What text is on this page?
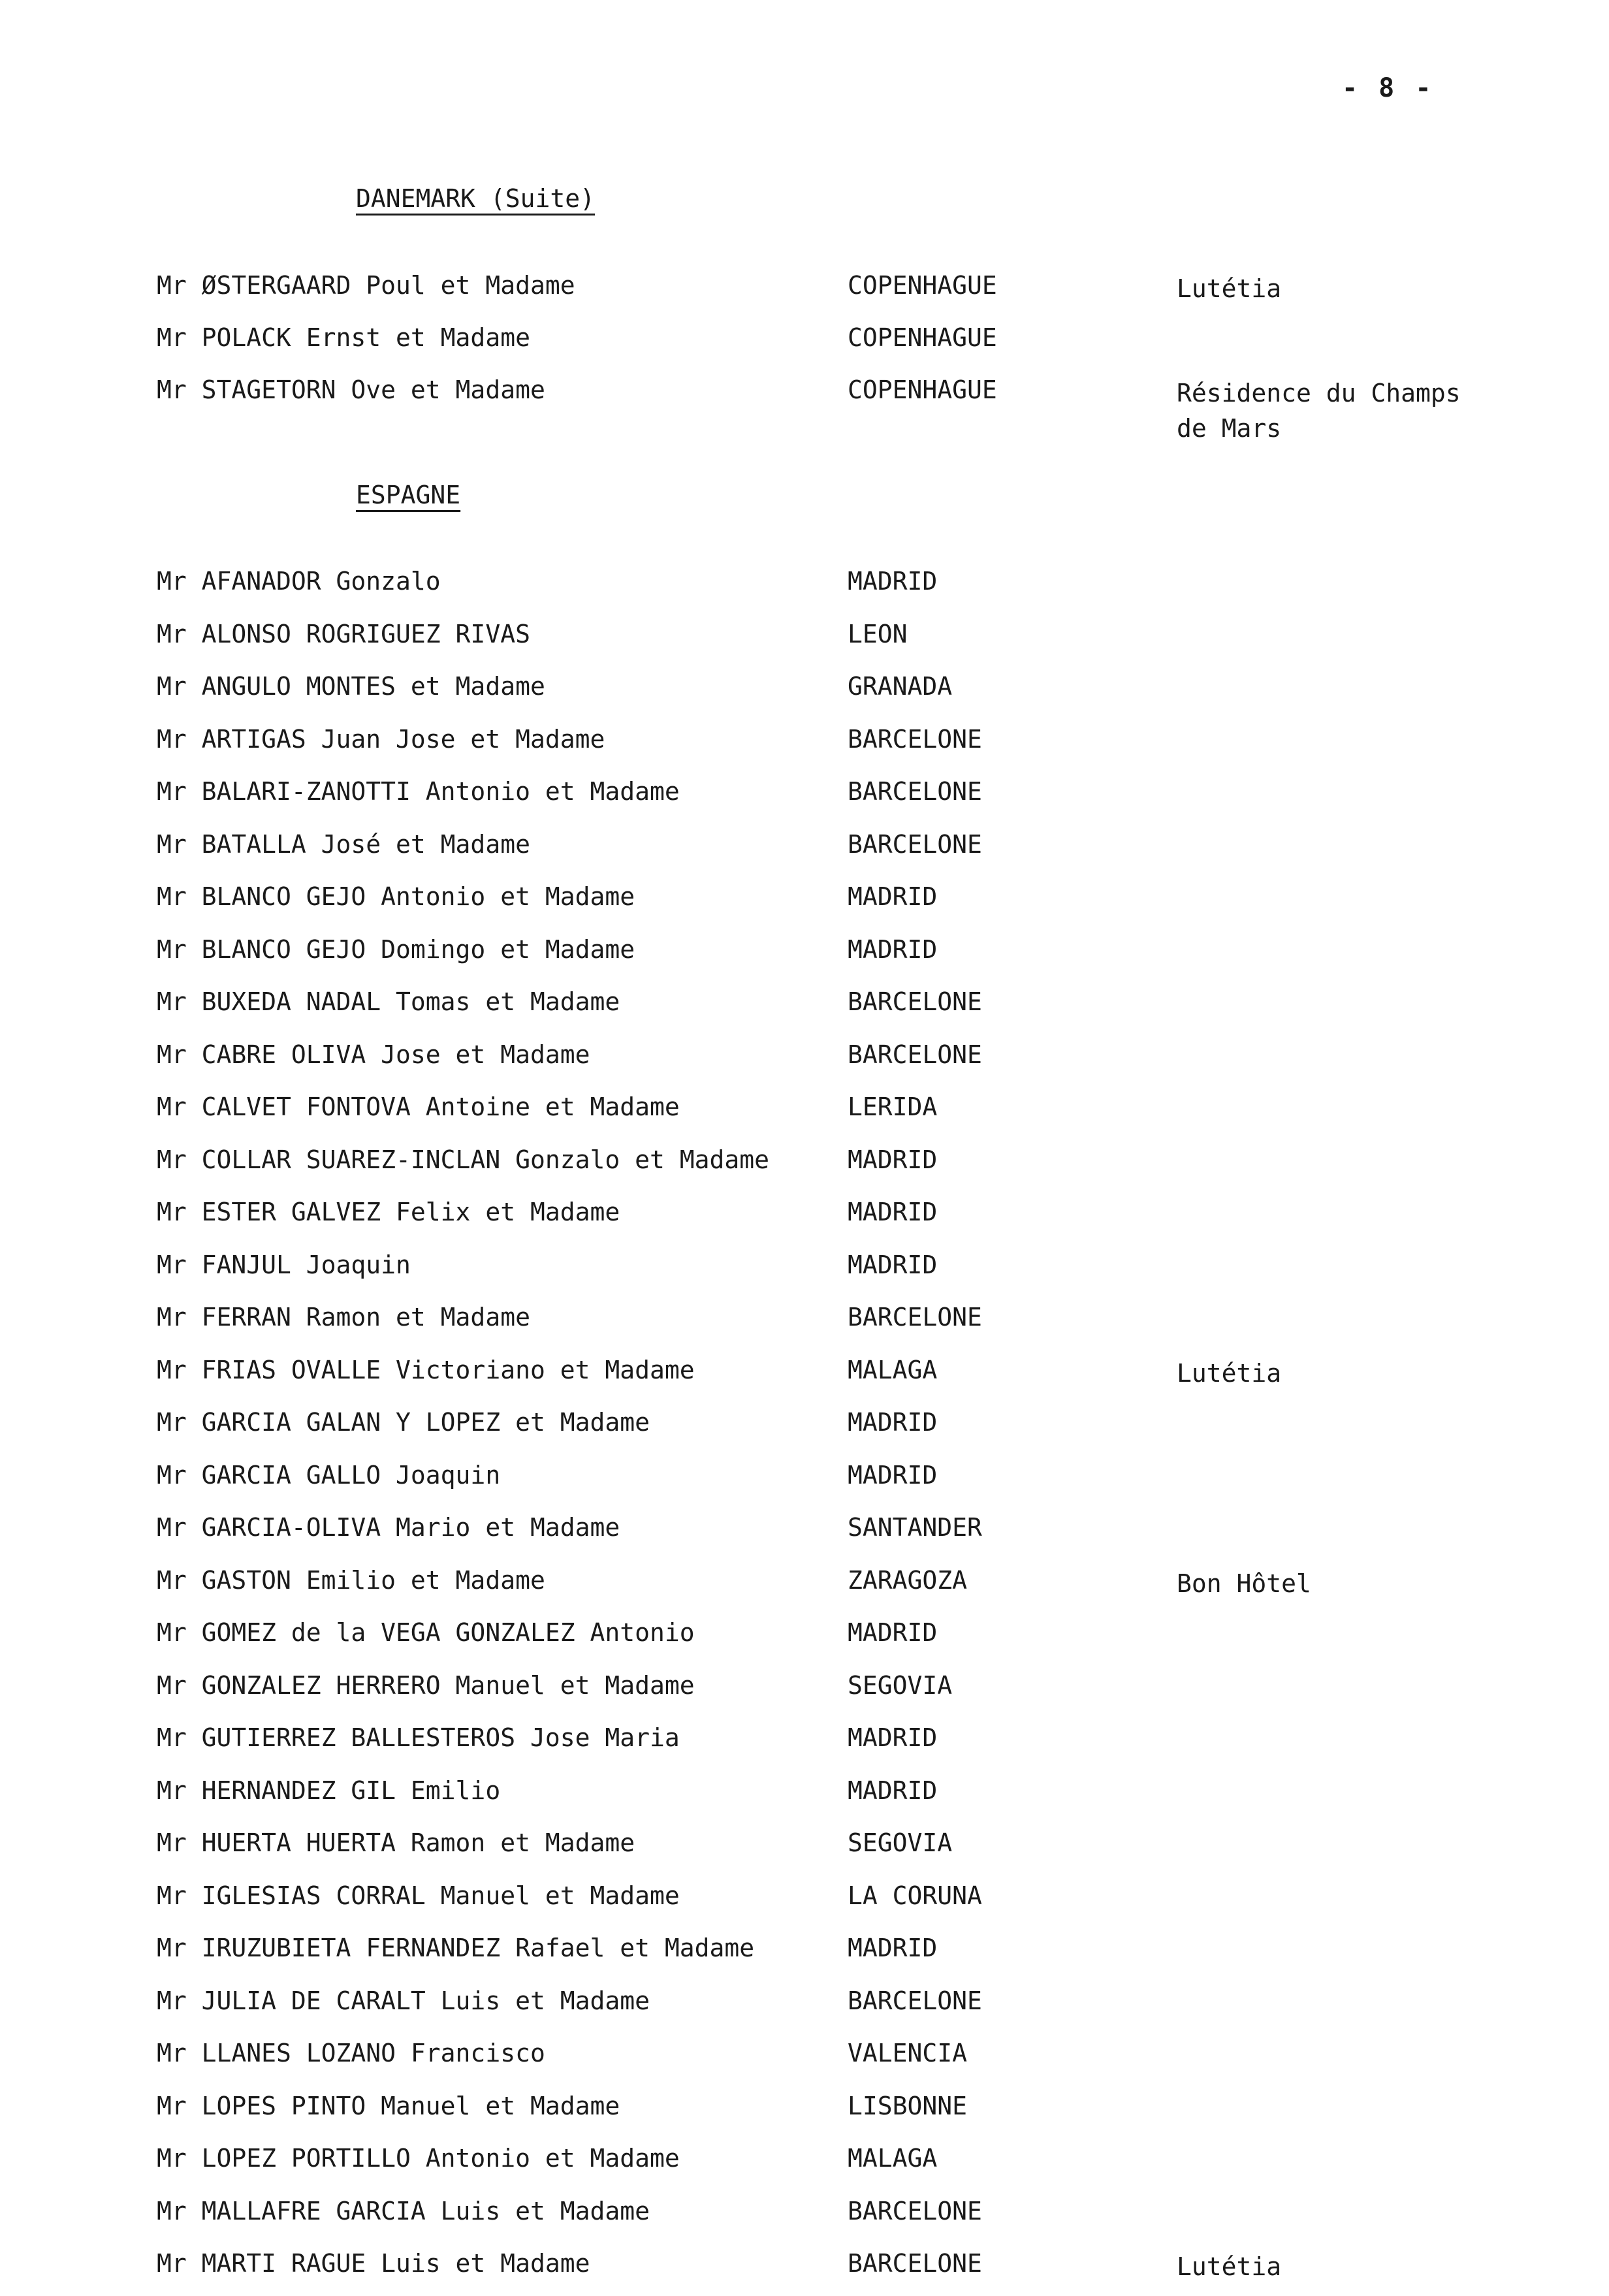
- 8 -
DANEMARK (Suite)
ESPAGNE
Mr ØSTERGAARD Poul et Madame	COPENHAGUE	Lutétia
Mr POLACK Ernst et Madame	COPENHAGUE
Mr STAGETORN Ove et Madame	COPENHAGUE	Résidence du Champs
de Mars
Mr AFANADOR Gonzalo	MADRID
Mr ALONSO ROGRIGUEZ RIVAS	LEON
Mr ANGULO MONTES et Madame	GRANADA
Mr ARTIGAS Juan Jose et Madame	BARCELONE
Mr BALARI-ZANOTTI Antonio et Madame	BARCELONE
Mr BATALLA José et Madame	BARCELONE
Mr BLANCO GEJO Antonio et Madame	MADRID
Mr BLANCO GEJO Domingo et Madame	MADRID
Mr BUXEDA NADAL Tomas et Madame	BARCELONE
Mr CABRE OLIVA Jose et Madame	BARCELONE
Mr CALVET FONTOVA Antoine et Madame	LERIDA
Mr COLLAR SUAREZ-INCLAN Gonzalo et Madame	MADRID
Mr ESTER GALVEZ Felix et Madame	MADRID
Mr FANJUL Joaquin	MADRID
Mr FERRAN Ramon et Madame	BARCELONE
Mr FRIAS OVALLE Victoriano et Madame	MALAGA	Lutétia
Mr GARCIA GALAN Y LOPEZ et Madame	MADRID
Mr GARCIA GALLO Joaquin	MADRID
Mr GARCIA-OLIVA Mario et Madame	SANTANDER
Mr GASTON Emilio et Madame	ZARAGOZA	Bon Hôtel
Mr GOMEZ de la VEGA GONZALEZ Antonio	MADRID
Mr GONZALEZ HERRERO Manuel et Madame	SEGOVIA
Mr GUTIERREZ BALLESTEROS Jose Maria	MADRID
Mr HERNANDEZ GIL Emilio	MADRID
Mr HUERTA HUERTA Ramon et Madame	SEGOVIA
Mr IGLESIAS CORRAL Manuel et Madame	LA CORUNA
Mr IRUZUBIETA FERNANDEZ Rafael et Madame	MADRID
Mr JULIA DE CARALT Luis et Madame	BARCELONE
Mr LLANES LOZANO Francisco	VALENCIA
Mr LOPES PINTO Manuel et Madame	LISBONNE
Mr LOPEZ PORTILLO Antonio et Madame	MALAGA
Mr MALLAFRE GARCIA Luis et Madame	BARCELONE
Mr MARTI RAGUE Luis et Madame	BARCELONE	Lutétia
